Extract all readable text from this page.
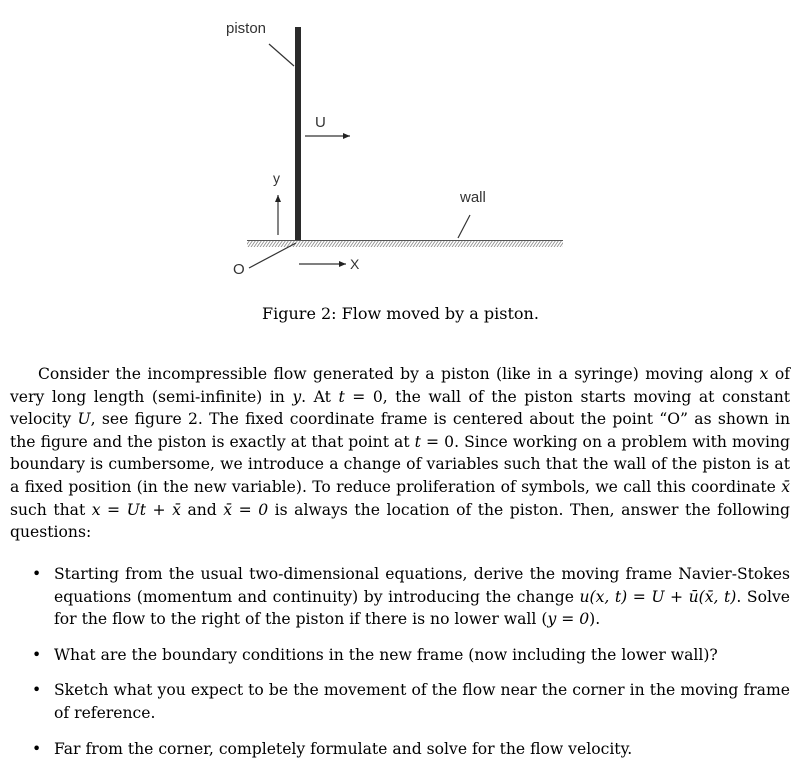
piston
U
y
wall
X
O
Figure 2: Flow moved by a piston.

Consider the incompressible flow generated by a piston (like in a syringe) moving along x of very long length (semi-infinite) in y. At t = 0, the wall of the piston starts moving at constant velocity U, see figure 2. The fixed coordinate frame is centered about the point “O” as shown in the figure and the piston is exactly at that point at t = 0. Since working on a problem with moving boundary is cumbersome, we introduce a change of variables such that the wall of the piston is at a fixed position (in the new variable). To reduce proliferation of symbols, we call this coordinate x̄ such that x = Ut + x̄ and x̄ = 0 is always the location of the piston. Then, answer the following questions:

• Starting from the usual two-dimensional equations, derive the moving frame Navier-Stokes equations (momentum and continuity) by introducing the change u(x, t) = U + ū(x̄, t). Solve for the flow to the right of the piston if there is no lower wall (y = 0).
• What are the boundary conditions in the new frame (now including the lower wall)?
• Sketch what you expect to be the movement of the flow near the corner in the moving frame of reference.
• Far from the corner, completely formulate and solve for the flow velocity.
